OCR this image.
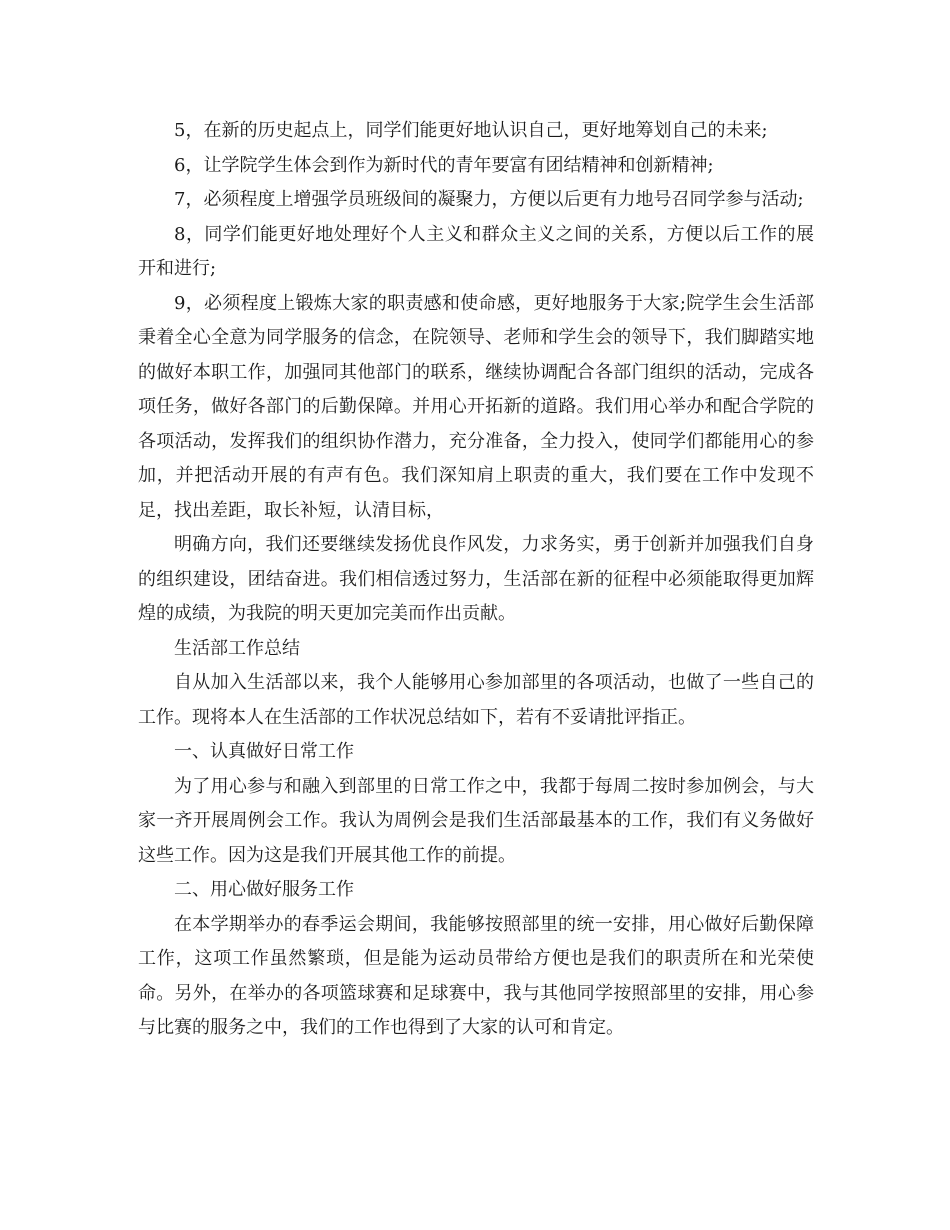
5，在新的历史起点上，同学们能更好地认识自己，更好地筹划自己的未来;

6，让学院学生体会到作为新时代的青年要富有团结精神和创新精神;

7，必须程度上增强学员班级间的凝聚力，方便以后更有力地号召同学参与活动;

8，同学们能更好地处理好个人主义和群众主义之间的关系，方便以后工作的展开和进行;

9，必须程度上锻炼大家的职责感和使命感，更好地服务于大家;院学生会生活部秉着全心全意为同学服务的信念，在院领导、老师和学生会的领导下，我们脚踏实地的做好本职工作，加强同其他部门的联系，继续协调配合各部门组织的活动，完成各项任务，做好各部门的后勤保障。并用心开拓新的道路。我们用心举办和配合学院的各项活动，发挥我们的组织协作潜力，充分准备，全力投入，使同学们都能用心的参加，并把活动开展的有声有色。我们深知肩上职责的重大，我们要在工作中发现不足，找出差距，取长补短，认清目标，

明确方向，我们还要继续发扬优良作风发，力求务实，勇于创新并加强我们自身的组织建设，团结奋进。我们相信透过努力，生活部在新的征程中必须能取得更加辉煌的成绩，为我院的明天更加完美而作出贡献。

生活部工作总结

自从加入生活部以来，我个人能够用心参加部里的各项活动，也做了一些自己的工作。现将本人在生活部的工作状况总结如下，若有不妥请批评指正。

一、认真做好日常工作

为了用心参与和融入到部里的日常工作之中，我都于每周二按时参加例会，与大家一齐开展周例会工作。我认为周例会是我们生活部最基本的工作，我们有义务做好这些工作。因为这是我们开展其他工作的前提。

二、用心做好服务工作

在本学期举办的春季运会期间，我能够按照部里的统一安排，用心做好后勤保障工作，这项工作虽然繁琐，但是能为运动员带给方便也是我们的职责所在和光荣使命。另外，在举办的各项篮球赛和足球赛中，我与其他同学按照部里的安排，用心参与比赛的服务之中，我们的工作也得到了大家的认可和肯定。
